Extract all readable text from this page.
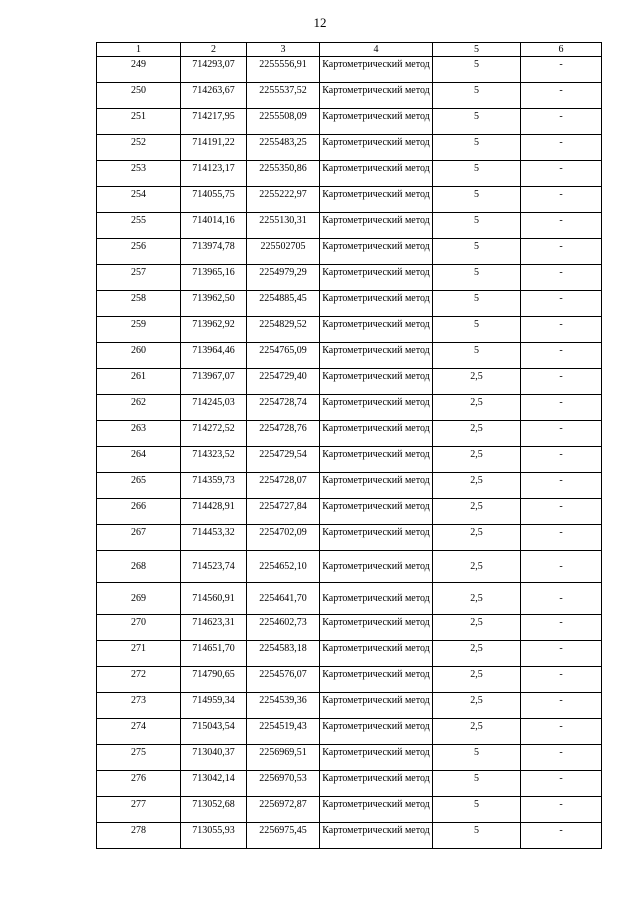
12
1	2	3	4	5	6
249	714293,07	2255556,91	Картометрический метод	5	-
250	714263,67	2255537,52	Картометрический метод	5	-
251	714217,95	2255508,09	Картометрический метод	5	-
252	714191,22	2255483,25	Картометрический метод	5	-
253	714123,17	2255350,86	Картометрический метод	5	-
254	714055,75	2255222,97	Картометрический метод	5	-
255	714014,16	2255130,31	Картометрический метод	5	-
256	713974,78	225502705	Картометрический метод	5	-
257	713965,16	2254979,29	Картометрический метод	5	-
258	713962,50	2254885,45	Картометрический метод	5	-
259	713962,92	2254829,52	Картометрический метод	5	-
260	713964,46	2254765,09	Картометрический метод	5	-
261	713967,07	2254729,40	Картометрический метод	2,5	-
262	714245,03	2254728,74	Картометрический метод	2,5	-
263	714272,52	2254728,76	Картометрический метод	2,5	-
264	714323,52	2254729,54	Картометрический метод	2,5	-
265	714359,73	2254728,07	Картометрический метод	2,5	-
266	714428,91	2254727,84	Картометрический метод	2,5	-
267	714453,32	2254702,09	Картометрический метод	2,5	-
268	714523,74	2254652,10	Картометрический метод	2,5	-
269	714560,91	2254641,70	Картометрический метод	2,5	-
270	714623,31	2254602,73	Картометрический метод	2,5	-
271	714651,70	2254583,18	Картометрический метод	2,5	-
272	714790,65	2254576,07	Картометрический метод	2,5	-
273	714959,34	2254539,36	Картометрический метод	2,5	-
274	715043,54	2254519,43	Картометрический метод	2,5	-
275	713040,37	2256969,51	Картометрический метод	5	-
276	713042,14	2256970,53	Картометрический метод	5	-
277	713052,68	2256972,87	Картометрический метод	5	-
278	713055,93	2256975,45	Картометрический метод	5	-
